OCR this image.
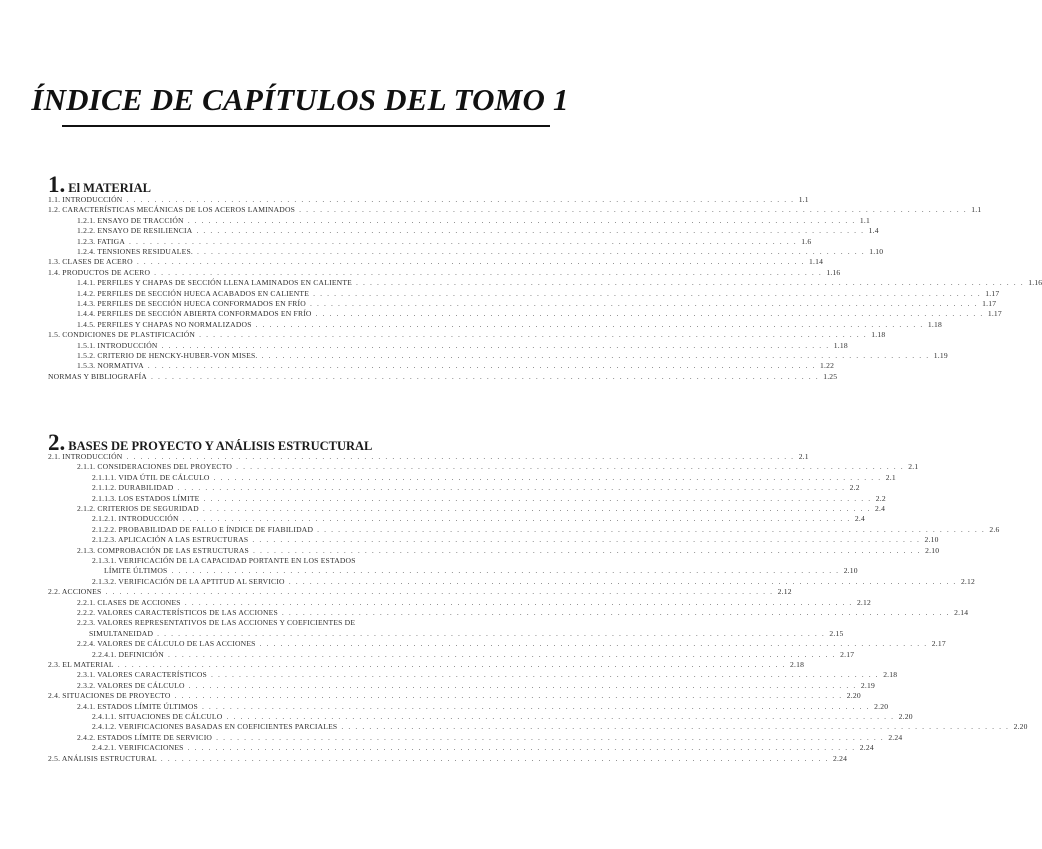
ÍNDICE DE CAPÍTULOS DEL TOMO 1
1. El MATERIAL
1.1. INTRODUCCIÓN . . . . . . . . . . . . . . . . . . . . . . . . . . . . . . . . . . . . . . . . . . . . . . . . . . . . . . . . . . . . . . . . . . . . . . . . . . . . . . . . . . . . . . . . . . . . . . . . 1.1
1.2. CARACTERÍSTICAS MECÁNICAS DE LOS ACEROS LAMINADOS . . . . . . . . . . . . . . . . . . . . . . . . . . . . . . . . . . . . . . . . . . . . . . . . . . . . . . . . . . . . . . . . . . . . . . . . . . . . . . . . . . . . . . . . . . . . . . . . 1.1
1.2.1. ENSAYO DE TRACCIÓN . . . . . . . . . . . . . . . . . . . . . . . . . . . . . . . . . . . . . . . . . . . . . . . . . . . . . . . . . . . . . . . . . . . . . . . . . . . . . . . . . . . . . . . . . . . . . . . . 1.1
1.2.2. ENSAYO DE RESILIENCIA . . . . . . . . . . . . . . . . . . . . . . . . . . . . . . . . . . . . . . . . . . . . . . . . . . . . . . . . . . . . . . . . . . . . . . . . . . . . . . . . . . . . . . . . . . . . . . . . 1.4
1.2.3. FATIGA . . . . . . . . . . . . . . . . . . . . . . . . . . . . . . . . . . . . . . . . . . . . . . . . . . . . . . . . . . . . . . . . . . . . . . . . . . . . . . . . . . . . . . . . . . . . . . . . 1.6
1.2.4. TENSIONES RESIDUALES. . . . . . . . . . . . . . . . . . . . . . . . . . . . . . . . . . . . . . . . . . . . . . . . . . . . . . . . . . . . . . . . . . . . . . . . . . . . . . . . . . . . . . . . . . . . . . . . . 1.10
1.3. CLASES DE ACERO . . . . . . . . . . . . . . . . . . . . . . . . . . . . . . . . . . . . . . . . . . . . . . . . . . . . . . . . . . . . . . . . . . . . . . . . . . . . . . . . . . . . . . . . . . . . . . . . 1.14
1.4. PRODUCTOS DE ACERO . . . . . . . . . . . . . . . . . . . . . . . . . . . . . . . . . . . . . . . . . . . . . . . . . . . . . . . . . . . . . . . . . . . . . . . . . . . . . . . . . . . . . . . . . . . . . . . . 1.16
1.4.1. PERFILES Y CHAPAS DE SECCIÓN LLENA LAMINADOS EN CALIENTE . . . . . . . . . . . . . . . . . . . . . . . . . . . . . . . . . . . . . . . . . . . . . . . . . . . . . . . . . . . . . . . . . . . . . . . . . . . . . . . . . . . . . . . . . . . . . . . . 1.16
1.4.2. PERFILES DE SECCIÓN HUECA ACABADOS EN CALIENTE . . . . . . . . . . . . . . . . . . . . . . . . . . . . . . . . . . . . . . . . . . . . . . . . . . . . . . . . . . . . . . . . . . . . . . . . . . . . . . . . . . . . . . . . . . . . . . . . 1.17
1.4.3. PERFILES DE SECCIÓN HUECA CONFORMADOS EN FRÍO . . . . . . . . . . . . . . . . . . . . . . . . . . . . . . . . . . . . . . . . . . . . . . . . . . . . . . . . . . . . . . . . . . . . . . . . . . . . . . . . . . . . . . . . . . . . . . . . 1.17
1.4.4. PERFILES DE SECCIÓN ABIERTA CONFORMADOS EN FRÍO . . . . . . . . . . . . . . . . . . . . . . . . . . . . . . . . . . . . . . . . . . . . . . . . . . . . . . . . . . . . . . . . . . . . . . . . . . . . . . . . . . . . . . . . . . . . . . . . 1.17
1.4.5. PERFILES Y CHAPAS NO NORMALIZADOS . . . . . . . . . . . . . . . . . . . . . . . . . . . . . . . . . . . . . . . . . . . . . . . . . . . . . . . . . . . . . . . . . . . . . . . . . . . . . . . . . . . . . . . . . . . . . . . . 1.18
1.5. CONDICIONES DE PLASTIFICACIÓN . . . . . . . . . . . . . . . . . . . . . . . . . . . . . . . . . . . . . . . . . . . . . . . . . . . . . . . . . . . . . . . . . . . . . . . . . . . . . . . . . . . . . . . . . . . . . . . . 1.18
1.5.1. INTRODUCCIÓN . . . . . . . . . . . . . . . . . . . . . . . . . . . . . . . . . . . . . . . . . . . . . . . . . . . . . . . . . . . . . . . . . . . . . . . . . . . . . . . . . . . . . . . . . . . . . . . . 1.18
1.5.2. CRITERIO DE HENCKY-HUBER-VON MISES. . . . . . . . . . . . . . . . . . . . . . . . . . . . . . . . . . . . . . . . . . . . . . . . . . . . . . . . . . . . . . . . . . . . . . . . . . . . . . . . . . . . . . . . . . . . . . . . . 1.19
1.5.3. NORMATIVA . . . . . . . . . . . . . . . . . . . . . . . . . . . . . . . . . . . . . . . . . . . . . . . . . . . . . . . . . . . . . . . . . . . . . . . . . . . . . . . . . . . . . . . . . . . . . . . . 1.22
NORMAS Y BIBLIOGRAFÍA . . . . . . . . . . . . . . . . . . . . . . . . . . . . . . . . . . . . . . . . . . . . . . . . . . . . . . . . . . . . . . . . . . . . . . . . . . . . . . . . . . . . . . . . . . . . . . . . 1.25
2. BASES DE PROYECTO Y ANÁLISIS ESTRUCTURAL
2.1. INTRODUCCIÓN . . . . . . . . . . . . . . . . . . . . . . . . . . . . . . . . . . . . . . . . . . . . . . . . . . . . . . . . . . . . . . . . . . . . . . . . . . . . . . . . . . . . . . . . . . . . . . . . 2.1
2.1.1. CONSIDERACIONES DEL PROYECTO . . . . . . . . . . . . . . . . . . . . . . . . . . . . . . . . . . . . . . . . . . . . . . . . . . . . . . . . . . . . . . . . . . . . . . . . . . . . . . . . . . . . . . . . . . . . . . . . 2.1
2.1.1.1. VIDA ÚTIL DE CÁLCULO . . . . . . . . . . . . . . . . . . . . . . . . . . . . . . . . . . . . . . . . . . . . . . . . . . . . . . . . . . . . . . . . . . . . . . . . . . . . . . . . . . . . . . . . . . . . . . . . 2.1
2.1.1.2. DURABILIDAD . . . . . . . . . . . . . . . . . . . . . . . . . . . . . . . . . . . . . . . . . . . . . . . . . . . . . . . . . . . . . . . . . . . . . . . . . . . . . . . . . . . . . . . . . . . . . . . . 2.2
2.1.1.3. LOS ESTADOS LÍMITE . . . . . . . . . . . . . . . . . . . . . . . . . . . . . . . . . . . . . . . . . . . . . . . . . . . . . . . . . . . . . . . . . . . . . . . . . . . . . . . . . . . . . . . . . . . . . . . . 2.2
2.1.2. CRITERIOS DE SEGURIDAD . . . . . . . . . . . . . . . . . . . . . . . . . . . . . . . . . . . . . . . . . . . . . . . . . . . . . . . . . . . . . . . . . . . . . . . . . . . . . . . . . . . . . . . . . . . . . . . . 2.4
2.1.2.1. INTRODUCCIÓN . . . . . . . . . . . . . . . . . . . . . . . . . . . . . . . . . . . . . . . . . . . . . . . . . . . . . . . . . . . . . . . . . . . . . . . . . . . . . . . . . . . . . . . . . . . . . . . . 2.4
2.1.2.2. PROBABILIDAD DE FALLO E ÍNDICE DE FIABILIDAD . . . . . . . . . . . . . . . . . . . . . . . . . . . . . . . . . . . . . . . . . . . . . . . . . . . . . . . . . . . . . . . . . . . . . . . . . . . . . . . . . . . . . . . . . . . . . . . . 2.6
2.1.2.3. APLICACIÓN A LAS ESTRUCTURAS . . . . . . . . . . . . . . . . . . . . . . . . . . . . . . . . . . . . . . . . . . . . . . . . . . . . . . . . . . . . . . . . . . . . . . . . . . . . . . . . . . . . . . . . . . . . . . . . 2.10
2.1.3. COMPROBACIÓN DE LAS ESTRUCTURAS . . . . . . . . . . . . . . . . . . . . . . . . . . . . . . . . . . . . . . . . . . . . . . . . . . . . . . . . . . . . . . . . . . . . . . . . . . . . . . . . . . . . . . . . . . . . . . . . 2.10
2.1.3.1. VERIFICACIÓN DE LA CAPACIDAD PORTANTE EN LOS ESTADOS
LÍMITE ÚLTIMOS . . . . . . . . . . . . . . . . . . . . . . . . . . . . . . . . . . . . . . . . . . . . . . . . . . . . . . . . . . . . . . . . . . . . . . . . . . . . . . . . . . . . . . . . . . . . . . . . 2.10
2.1.3.2. VERIFICACIÓN DE LA APTITUD AL SERVICIO . . . . . . . . . . . . . . . . . . . . . . . . . . . . . . . . . . . . . . . . . . . . . . . . . . . . . . . . . . . . . . . . . . . . . . . . . . . . . . . . . . . . . . . . . . . . . . . . 2.12
2.2. ACCIONES . . . . . . . . . . . . . . . . . . . . . . . . . . . . . . . . . . . . . . . . . . . . . . . . . . . . . . . . . . . . . . . . . . . . . . . . . . . . . . . . . . . . . . . . . . . . . . . . 2.12
2.2.1. CLASES DE ACCIONES . . . . . . . . . . . . . . . . . . . . . . . . . . . . . . . . . . . . . . . . . . . . . . . . . . . . . . . . . . . . . . . . . . . . . . . . . . . . . . . . . . . . . . . . . . . . . . . . 2.12
2.2.2. VALORES CARACTERÍSTICOS DE LAS ACCIONES . . . . . . . . . . . . . . . . . . . . . . . . . . . . . . . . . . . . . . . . . . . . . . . . . . . . . . . . . . . . . . . . . . . . . . . . . . . . . . . . . . . . . . . . . . . . . . . . 2.14
2.2.3. VALORES REPRESENTATIVOS DE LAS ACCIONES Y COEFICIENTES DE
SIMULTANEIDAD . . . . . . . . . . . . . . . . . . . . . . . . . . . . . . . . . . . . . . . . . . . . . . . . . . . . . . . . . . . . . . . . . . . . . . . . . . . . . . . . . . . . . . . . . . . . . . . . 2.15
2.2.4. VALORES DE CÁLCULO DE LAS ACCIONES . . . . . . . . . . . . . . . . . . . . . . . . . . . . . . . . . . . . . . . . . . . . . . . . . . . . . . . . . . . . . . . . . . . . . . . . . . . . . . . . . . . . . . . . . . . . . . . . 2.17
2.2.4.1. DEFINICIÓN . . . . . . . . . . . . . . . . . . . . . . . . . . . . . . . . . . . . . . . . . . . . . . . . . . . . . . . . . . . . . . . . . . . . . . . . . . . . . . . . . . . . . . . . . . . . . . . . 2.17
2.3. EL MATERIAL . . . . . . . . . . . . . . . . . . . . . . . . . . . . . . . . . . . . . . . . . . . . . . . . . . . . . . . . . . . . . . . . . . . . . . . . . . . . . . . . . . . . . . . . . . . . . . . . 2.18
2.3.1. VALORES CARACTERÍSTICOS . . . . . . . . . . . . . . . . . . . . . . . . . . . . . . . . . . . . . . . . . . . . . . . . . . . . . . . . . . . . . . . . . . . . . . . . . . . . . . . . . . . . . . . . . . . . . . . . 2.18
2.3.2. VALORES DE CÁLCULO . . . . . . . . . . . . . . . . . . . . . . . . . . . . . . . . . . . . . . . . . . . . . . . . . . . . . . . . . . . . . . . . . . . . . . . . . . . . . . . . . . . . . . . . . . . . . . . . 2.19
2.4. SITUACIONES DE PROYECTO . . . . . . . . . . . . . . . . . . . . . . . . . . . . . . . . . . . . . . . . . . . . . . . . . . . . . . . . . . . . . . . . . . . . . . . . . . . . . . . . . . . . . . . . . . . . . . . . 2.20
2.4.1. ESTADOS LÍMITE ÚLTIMOS . . . . . . . . . . . . . . . . . . . . . . . . . . . . . . . . . . . . . . . . . . . . . . . . . . . . . . . . . . . . . . . . . . . . . . . . . . . . . . . . . . . . . . . . . . . . . . . . 2.20
2.4.1.1. SITUACIONES DE CÁLCULO . . . . . . . . . . . . . . . . . . . . . . . . . . . . . . . . . . . . . . . . . . . . . . . . . . . . . . . . . . . . . . . . . . . . . . . . . . . . . . . . . . . . . . . . . . . . . . . . 2.20
2.4.1.2. VERIFICACIONES BASADAS EN COEFICIENTES PARCIALES . . . . . . . . . . . . . . . . . . . . . . . . . . . . . . . . . . . . . . . . . . . . . . . . . . . . . . . . . . . . . . . . . . . . . . . . . . . . . . . . . . . . . . . . . . . . . . . . 2.20
2.4.2. ESTADOS LÍMITE DE SERVICIO . . . . . . . . . . . . . . . . . . . . . . . . . . . . . . . . . . . . . . . . . . . . . . . . . . . . . . . . . . . . . . . . . . . . . . . . . . . . . . . . . . . . . . . . . . . . . . . . 2.24
2.4.2.1. VERIFICACIONES . . . . . . . . . . . . . . . . . . . . . . . . . . . . . . . . . . . . . . . . . . . . . . . . . . . . . . . . . . . . . . . . . . . . . . . . . . . . . . . . . . . . . . . . . . . . . . . . 2.24
2.5. ANÁLISIS ESTRUCTURAL . . . . . . . . . . . . . . . . . . . . . . . . . . . . . . . . . . . . . . . . . . . . . . . . . . . . . . . . . . . . . . . . . . . . . . . . . . . . . . . . . . . . . . . . . . . . . . . . 2.24
